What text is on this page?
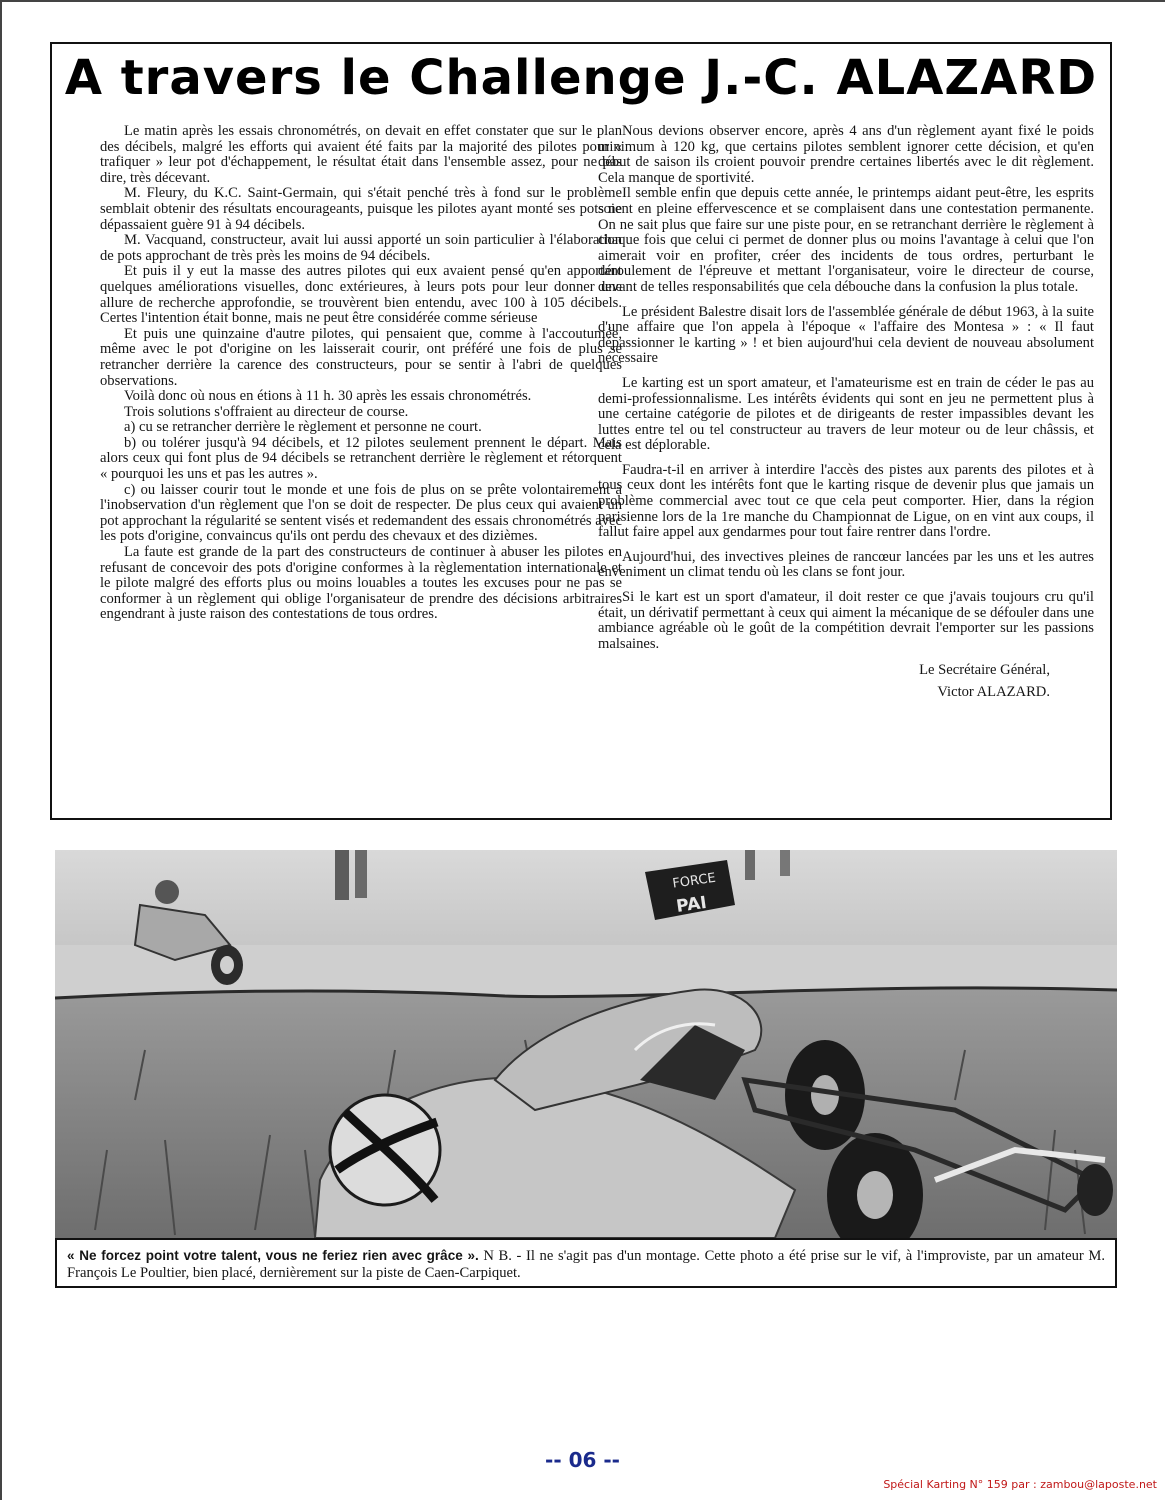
A travers le Challenge J.-C. ALAZARD

Le matin après les essais chronométrés, on devait en effet constater que sur le plan des décibels, malgré les efforts qui avaient été faits par la majorité des pilotes pour « trafiquer » leur pot d'échappement, le résultat était dans l'ensemble assez, pour ne pas dire, très décevant.

M. Fleury, du K.C. Saint-Germain, qui s'était penché très à fond sur le problème semblait obtenir des résultats encourageants, puisque les pilotes ayant monté ses pots ne dépassaient guère 91 à 94 décibels.

M. Vacquand, constructeur, avait lui aussi apporté un soin particulier à l'élaboration de pots approchant de très près les moins de 94 décibels.

Et puis il y eut la masse des autres pilotes qui eux avaient pensé qu'en apportant quelques améliorations visuelles, donc extérieures, à leurs pots pour leur donner une allure de recherche approfondie, se trouvèrent bien entendu, avec 100 à 105 décibels. Certes l'intention était bonne, mais ne peut être considérée comme sérieuse

Et puis une quinzaine d'autre pilotes, qui pensaient que, comme à l'accoutumée, même avec le pot d'origine on les laisserait courir, ont préféré une fois de plus se retrancher derrière la carence des constructeurs, pour se sentir à l'abri de quelques observations.

Voilà donc où nous en étions à 11 h. 30 après les essais chronométrés.

Trois solutions s'offraient au directeur de course.

a) cu se retrancher derrière le règlement et personne ne court.

b) ou tolérer jusqu'à 94 décibels, et 12 pilotes seulement prennent le départ. Mais alors ceux qui font plus de 94 décibels se retranchent derrière le règlement et rétorquent « pourquoi les uns et pas les autres ».

c) ou laisser courir tout le monde et une fois de plus on se prête volontairement à l'inobservation d'un règlement que l'on se doit de respecter. De plus ceux qui avaient un pot approchant la régularité se sentent visés et redemandent des essais chronométrés avec les pots d'origine, convaincus qu'ils ont perdu des chevaux et des dizièmes.

La faute est grande de la part des constructeurs de continuer à abuser les pilotes en refusant de concevoir des pots d'origine conformes à la règlementation internationale et le pilote malgré des efforts plus ou moins louables a toutes les excuses pour ne pas se conformer à un règlement qui oblige l'organisateur de prendre des décisions arbitraires engendrant à juste raison des contestations de tous ordres.

Nous devions observer encore, après 4 ans d'un règlement ayant fixé le poids minimum à 120 kg, que certains pilotes semblent ignorer cette décision, et qu'en début de saison ils croient pouvoir prendre certaines libertés avec le dit règlement. Cela manque de sportivité.

Il semble enfin que depuis cette année, le printemps aidant peut-être, les esprits soient en pleine effervescence et se complaisent dans une contestation permanente. On ne sait plus que faire sur une piste pour, en se retranchant derrière le règlement à chaque fois que celui ci permet de donner plus ou moins l'avantage à celui que l'on aimerait voir en profiter, créer des incidents de tous ordres, perturbant le déroulement de l'épreuve et mettant l'organisateur, voire le directeur de course, devant de telles responsabilités que cela débouche dans la confusion la plus totale.

Le président Balestre disait lors de l'assemblée générale de début 1963, à la suite d'une affaire que l'on appela à l'époque « l'affaire des Montesa » : « Il faut dépassionner le karting » ! et bien aujourd'hui cela devient de nouveau absolument nécessaire

Le karting est un sport amateur, et l'amateurisme est en train de céder le pas au demi-professionnalisme. Les intérêts évidents qui sont en jeu ne permettent plus à une certaine catégorie de pilotes et de dirigeants de rester impassibles devant les luttes entre tel ou tel constructeur au travers de leur moteur ou de leur châssis, et cela est déplorable.

Faudra-t-il en arriver à interdire l'accès des pistes aux parents des pilotes et à tous ceux dont les intérêts font que le karting risque de devenir plus que jamais un problème commercial avec tout ce que cela peut comporter. Hier, dans la région parisienne lors de la 1re manche du Championnat de Ligue, on en vint aux coups, il fallut faire appel aux gendarmes pour tout faire rentrer dans l'ordre.

Aujourd'hui, des invectives pleines de rancœur lancées par les uns et les autres enveniment un climat tendu où les clans se font jour.

Si le kart est un sport d'amateur, il doit rester ce que j'avais toujours cru qu'il était, un dérivatif permettant à ceux qui aiment la mécanique de se défouler dans une ambiance agréable où le goût de la compétition devrait l'emporter sur les passions malsaines.

Le Secrétaire Général,
Victor ALAZARD.
FORCE
PAI
« Ne forcez point votre talent, vous ne feriez rien avec grâce ». N B. - Il ne s'agit pas d'un montage. Cette photo a été prise sur le vif, à l'improviste, par un amateur M. François Le Poultier, bien placé, dernièrement sur la piste de Caen-Carpiquet.
-- 06 --
Spécial Karting N° 159 par : zambou@laposte.net
